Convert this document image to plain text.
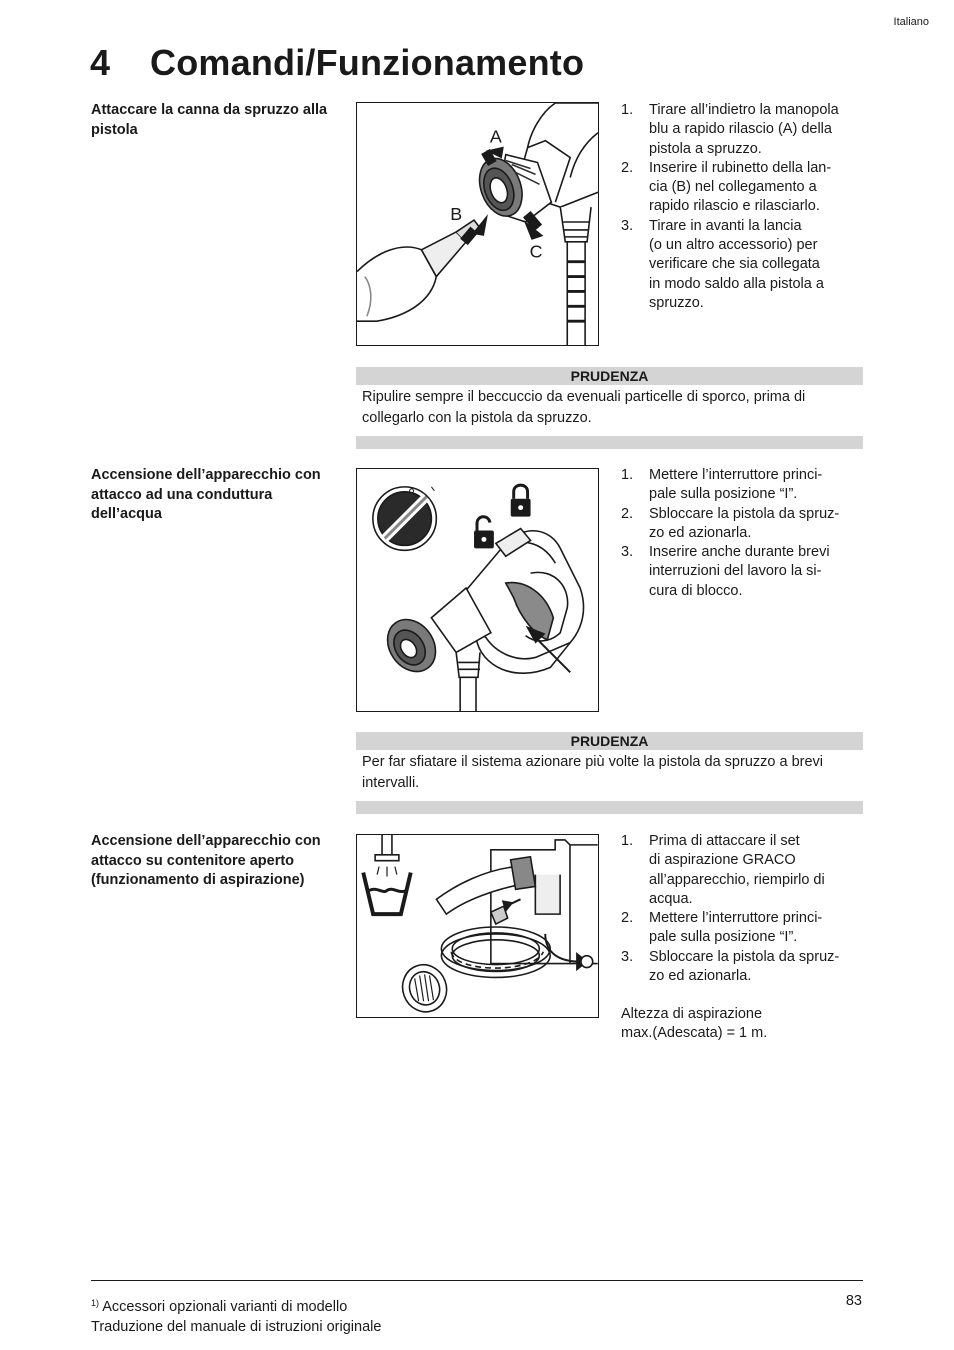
Italiano
4 Comandi/Funzionamento
Attaccare la canna da spruzzo alla pistola	A
B
C
1.	Tirare all’indietro la manopola
blu a rapido rilascio (A) della
pistola a spruzzo.
2.	Inserire il rubinetto della lan-
cia (B) nel collegamento a
rapido rilascio e rilasciarlo.
3.	Tirare in avanti la lancia
(o un altro accessorio) per
verificare che sia collegata
in modo saldo alla pistola a
spruzzo.
PRUDENZA
Ripulire sempre il beccuccio da evenuali particelle di sporco, prima di collegarlo con la pistola da spruzzo.
Accensione dell’apparecchio con attacco ad una conduttura dell’acqua
1.	Mettere l’interruttore princi-
pale sulla posizione “I”.
2.	Sbloccare la pistola da spruz-
zo ed azionarla.
3.	Inserire anche durante brevi
interruzioni del lavoro la si-
cura di blocco.
PRUDENZA
Per far sfiatare il sistema azionare più volte la pistola da spruzzo a brevi intervalli.
Accensione dell’apparecchio con attacco su contenitore aperto (funzionamento di aspirazione)
1.	Prima di attaccare il set
di aspirazione GRACO
all’apparecchio, riempirlo di
acqua.
2.	Mettere l’interruttore princi-
pale sulla posizione “I”.
3.	Sbloccare la pistola da spruz-
zo ed azionarla.
Altezza di aspirazione
max.(Adescata) = 1 m.
$^{1)}$ Accessori opzionali varianti di modello
Traduzione del manuale di istruzioni originale
83
